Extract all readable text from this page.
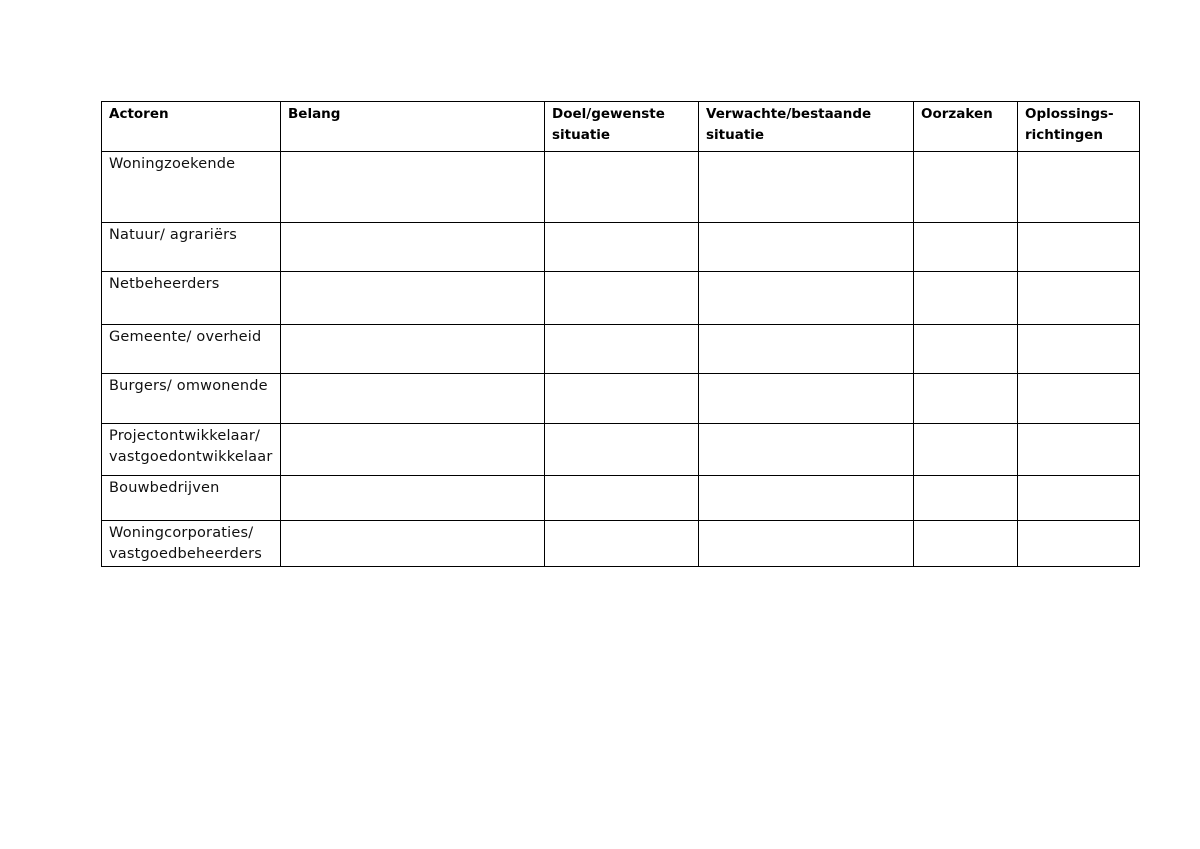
Actoren	Belang	Doel/gewenste situatie	Verwachte/bestaande situatie	Oorzaken	Oplossings-richtingen
Woningzoekende					
Natuur/ agrariërs					
Netbeheerders					
Gemeente/ overheid					
Burgers/ omwonende					
Projectontwikkelaar/ vastgoedontwikkelaar					
Bouwbedrijven					
Woningcorporaties/ vastgoedbeheerders					
